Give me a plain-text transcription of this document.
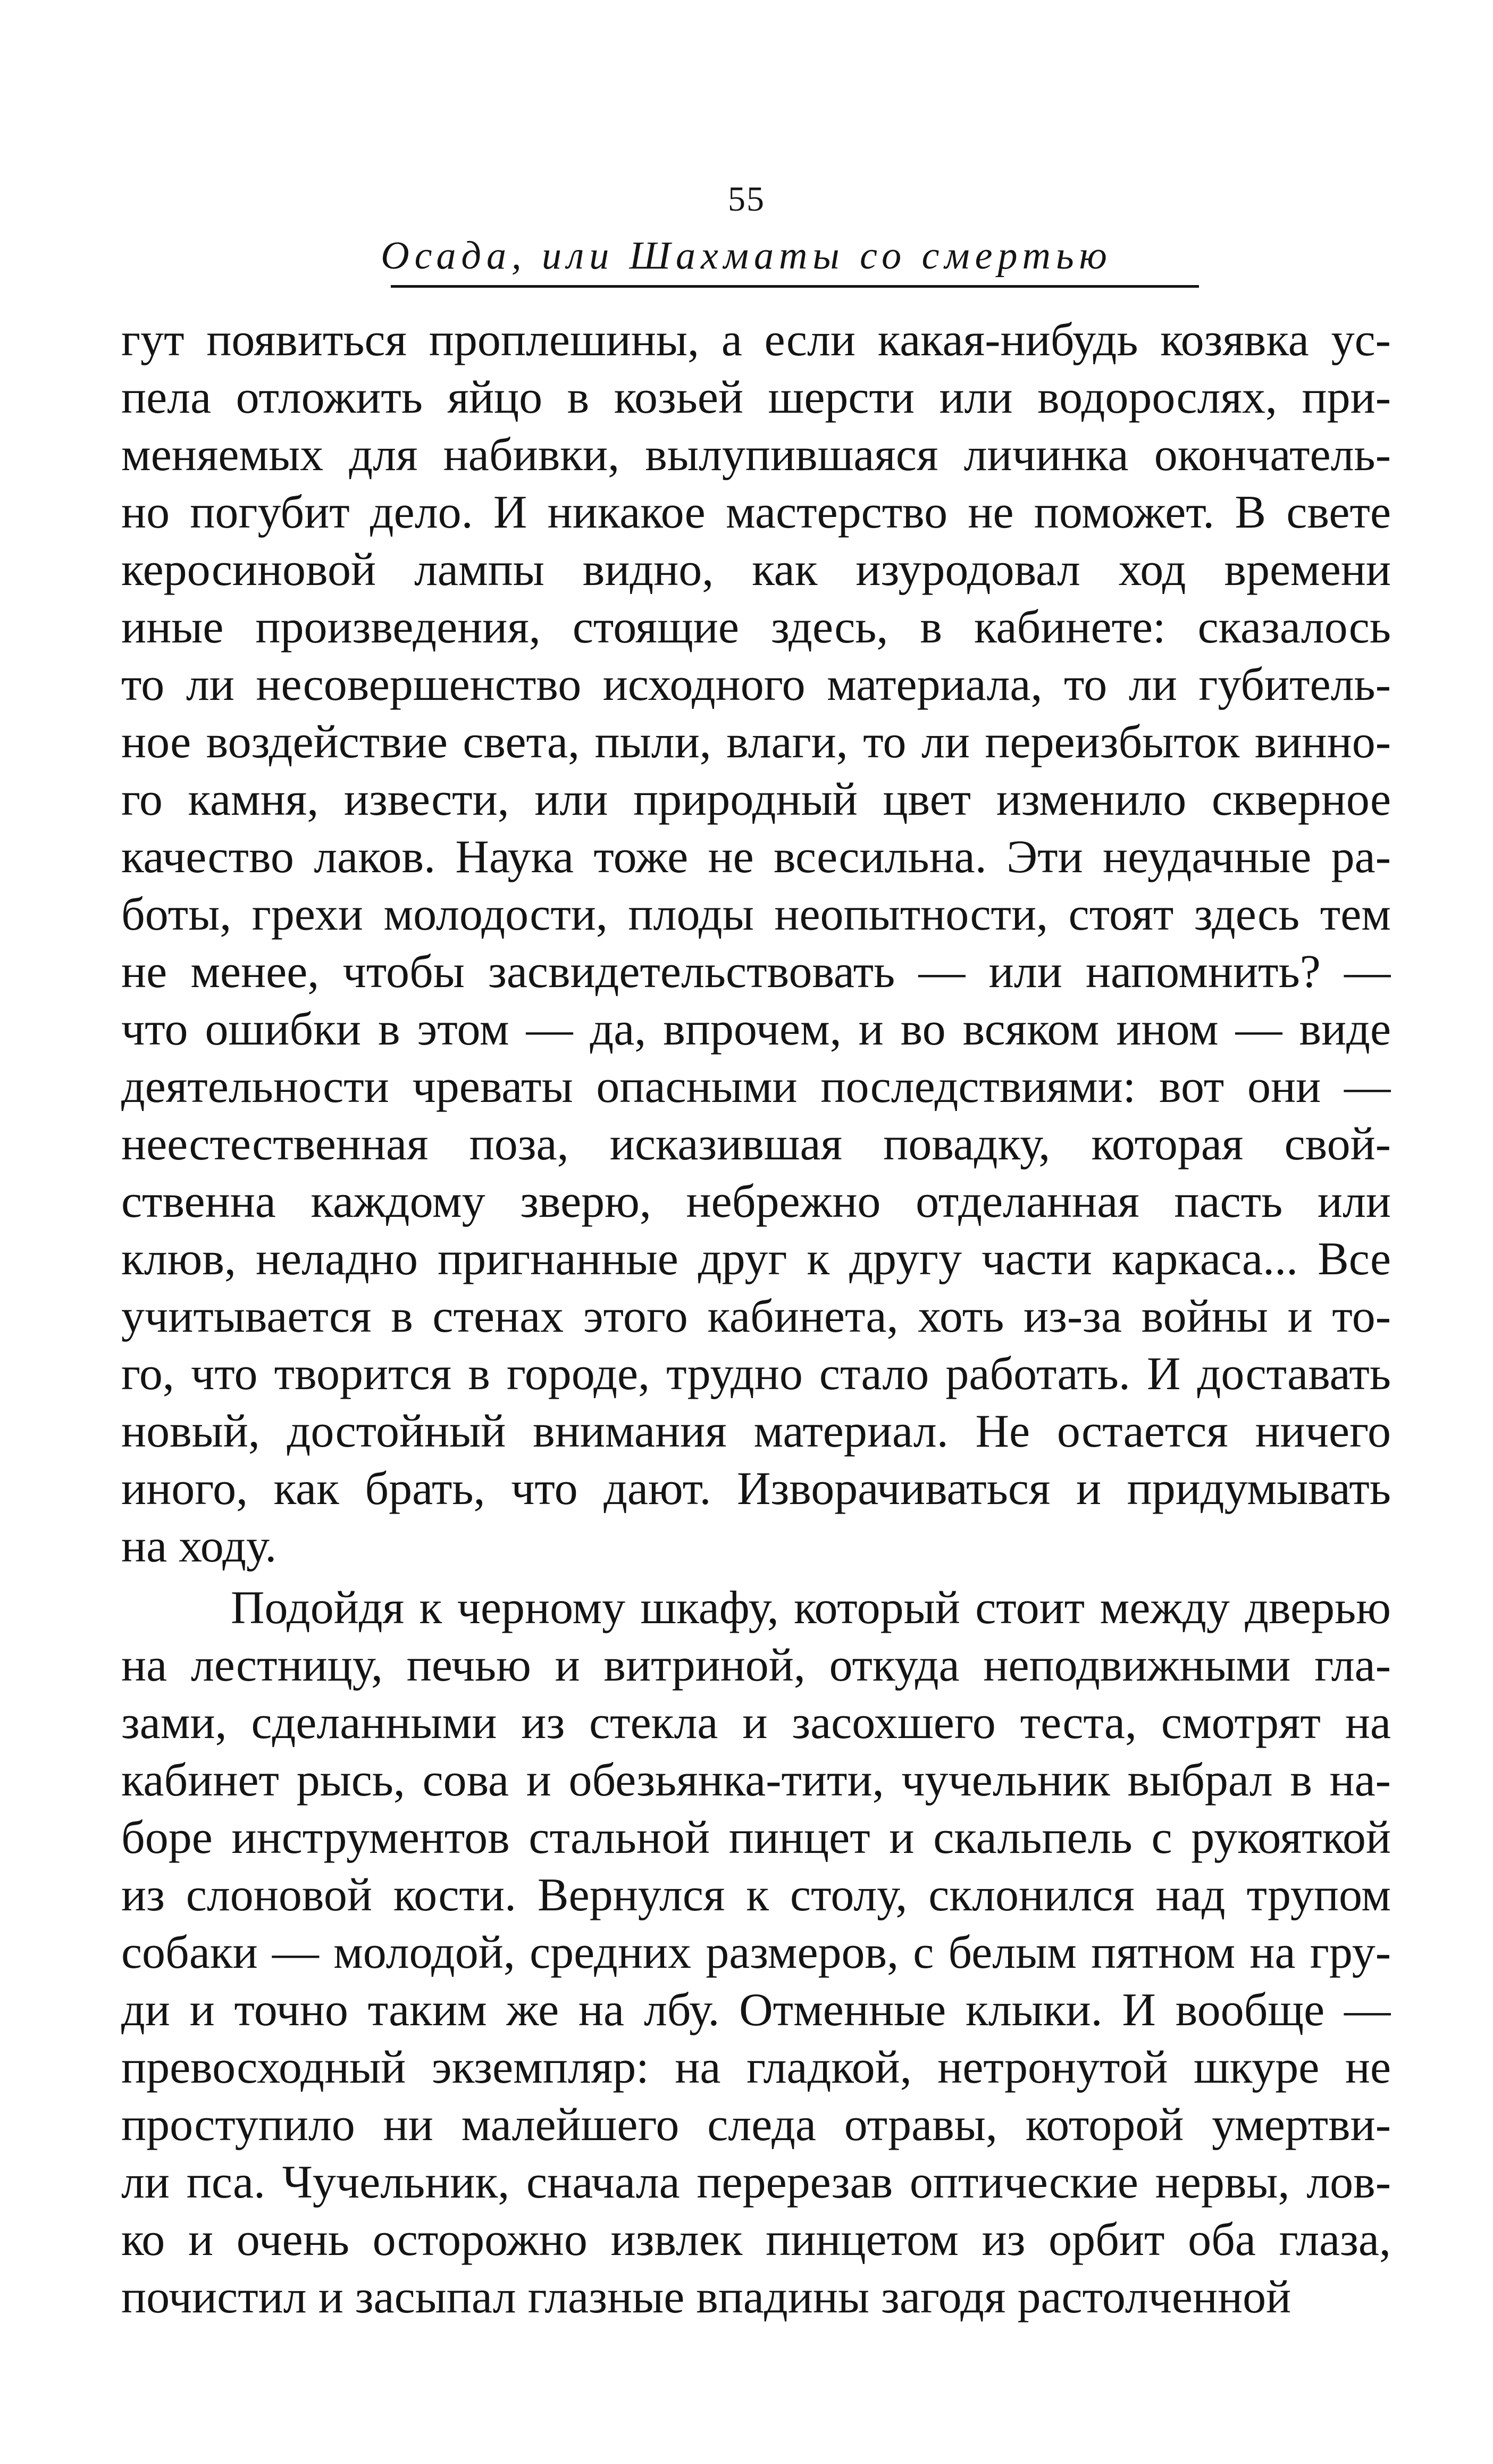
55
Осада, или Шахматы со смертью
гут появиться проплешины, а если какая-нибудь козявка ус-
пела отложить яйцо в козьей шерсти или водорослях, при-
меняемых для набивки, вылупившаяся личинка окончатель-
но погубит дело. И никакое мастерство не поможет. В свете
керосиновой лампы видно, как изуродовал ход времени
иные произведения, стоящие здесь, в кабинете: сказалось
то ли несовершенство исходного материала, то ли губитель-
ное воздействие света, пыли, влаги, то ли переизбыток винно-
го камня, извести, или природный цвет изменило скверное
качество лаков. Наука тоже не всесильна. Эти неудачные ра-
боты, грехи молодости, плоды неопытности, стоят здесь тем
не менее, чтобы засвидетельствовать — или напомнить? —
что ошибки в этом — да, впрочем, и во всяком ином — виде
деятельности чреваты опасными последствиями: вот они —
неестественная поза, исказившая повадку, которая свой-
ственна каждому зверю, небрежно отделанная пасть или
клюв, неладно пригнанные друг к другу части каркаса... Все
учитывается в стенах этого кабинета, хоть из-за войны и то-
го, что творится в городе, трудно стало работать. И доставать
новый, достойный внимания материал. Не остается ничего
иного, как брать, что дают. Изворачиваться и придумывать
на ходу.
Подойдя к черному шкафу, который стоит между дверью
на лестницу, печью и витриной, откуда неподвижными гла-
зами, сделанными из стекла и засохшего теста, смотрят на
кабинет рысь, сова и обезьянка-тити, чучельник выбрал в на-
боре инструментов стальной пинцет и скальпель с рукояткой
из слоновой кости. Вернулся к столу, склонился над трупом
собаки — молодой, средних размеров, с белым пятном на гру-
ди и точно таким же на лбу. Отменные клыки. И вообще —
превосходный экземпляр: на гладкой, нетронутой шкуре не
проступило ни малейшего следа отравы, которой умертви-
ли пса. Чучельник, сначала перерезав оптические нервы, лов-
ко и очень осторожно извлек пинцетом из орбит оба глаза,
почистил и засыпал глазные впадины загодя растолченной
